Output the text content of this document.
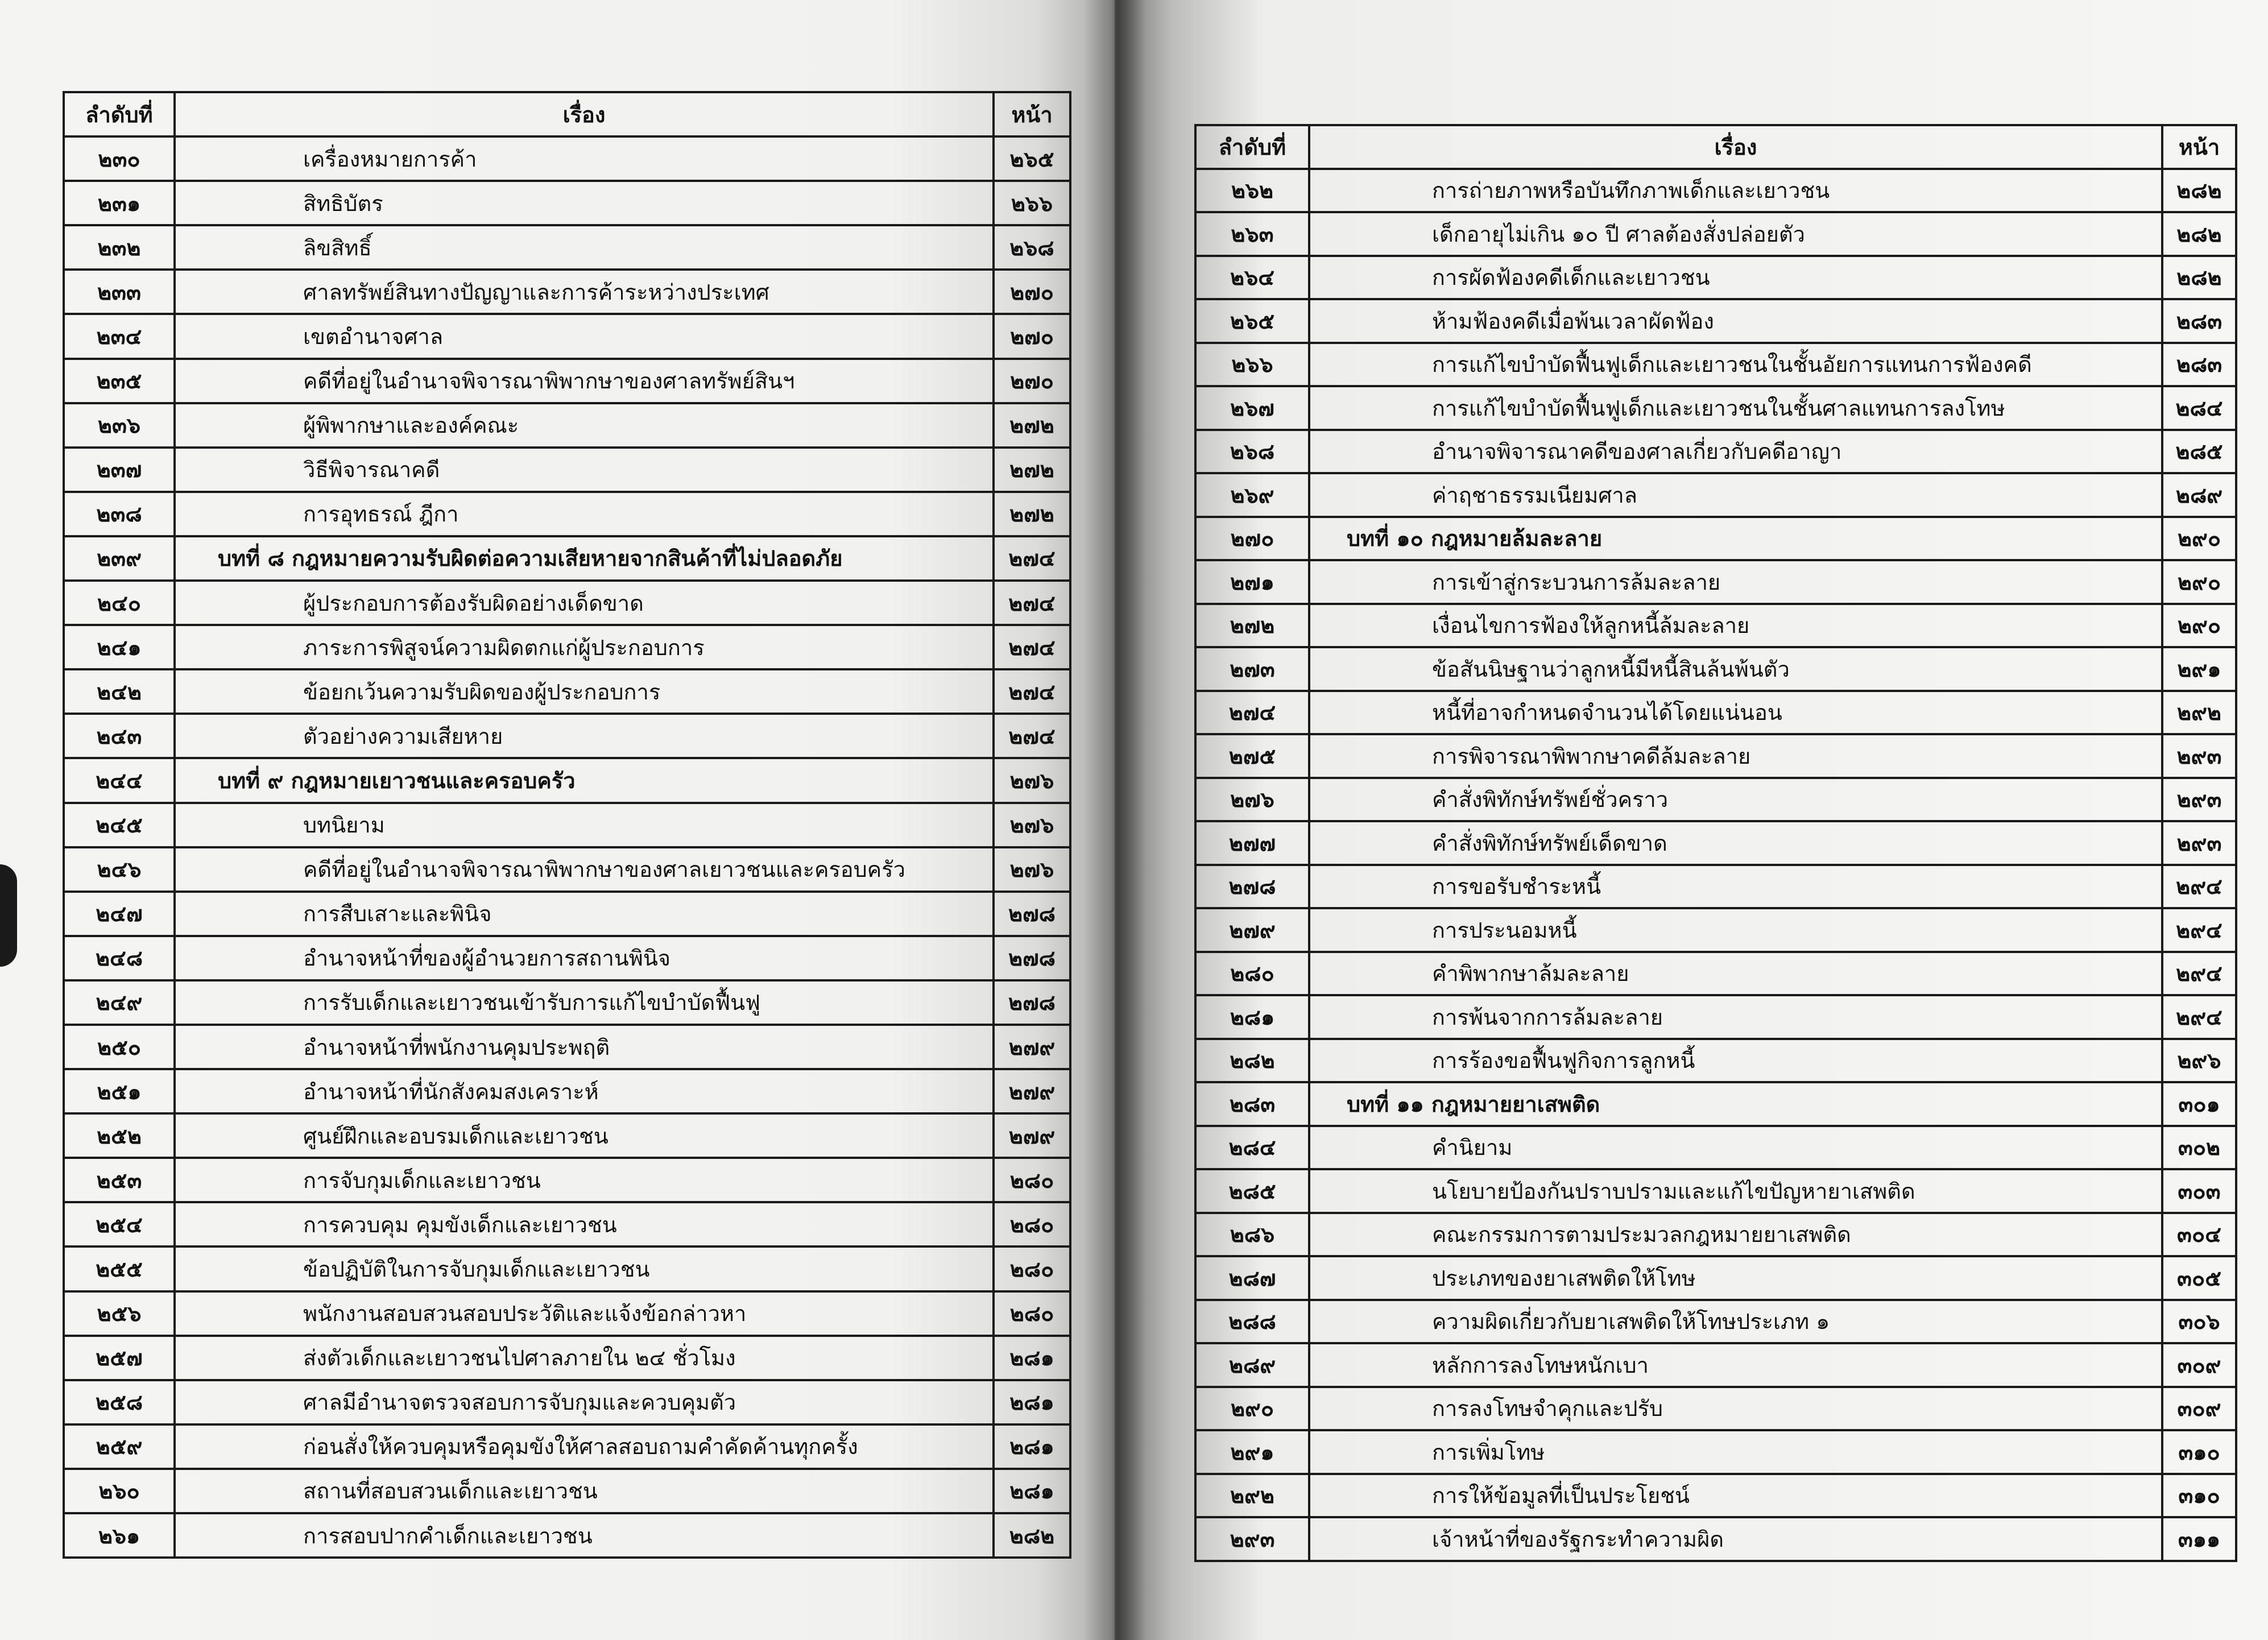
ลำดับที่	เรื่อง	หน้า
๒๓๐	เครื่องหมายการค้า	๒๖๕
๒๓๑	สิทธิบัตร	๒๖๖
๒๓๒	ลิขสิทธิ์	๒๖๘
๒๓๓	ศาลทรัพย์สินทางปัญญาและการค้าระหว่างประเทศ	๒๗๐
๒๓๔	เขตอำนาจศาล	๒๗๐
๒๓๕	คดีที่อยู่ในอำนาจพิจารณาพิพากษาของศาลทรัพย์สินฯ	๒๗๐
๒๓๖	ผู้พิพากษาและองค์คณะ	๒๗๒
๒๓๗	วิธีพิจารณาคดี	๒๗๒
๒๓๘	การอุทธรณ์ ฎีกา	๒๗๒
๒๓๙	บทที่ ๘ กฎหมายความรับผิดต่อความเสียหายจากสินค้าที่ไม่ปลอดภัย	๒๗๔
๒๔๐	ผู้ประกอบการต้องรับผิดอย่างเด็ดขาด	๒๗๔
๒๔๑	ภาระการพิสูจน์ความผิดตกแก่ผู้ประกอบการ	๒๗๔
๒๔๒	ข้อยกเว้นความรับผิดของผู้ประกอบการ	๒๗๔
๒๔๓	ตัวอย่างความเสียหาย	๒๗๔
๒๔๔	บทที่ ๙ กฎหมายเยาวชนและครอบครัว	๒๗๖
๒๔๕	บทนิยาม	๒๗๖
๒๔๖	คดีที่อยู่ในอำนาจพิจารณาพิพากษาของศาลเยาวชนและครอบครัว	๒๗๖
๒๔๗	การสืบเสาะและพินิจ	๒๗๘
๒๔๘	อำนาจหน้าที่ของผู้อำนวยการสถานพินิจ	๒๗๘
๒๔๙	การรับเด็กและเยาวชนเข้ารับการแก้ไขบำบัดฟื้นฟู	๒๗๘
๒๕๐	อำนาจหน้าที่พนักงานคุมประพฤติ	๒๗๙
๒๕๑	อำนาจหน้าที่นักสังคมสงเคราะห์	๒๗๙
๒๕๒	ศูนย์ฝึกและอบรมเด็กและเยาวชน	๒๗๙
๒๕๓	การจับกุมเด็กและเยาวชน	๒๘๐
๒๕๔	การควบคุม คุมขังเด็กและเยาวชน	๒๘๐
๒๕๕	ข้อปฏิบัติในการจับกุมเด็กและเยาวชน	๒๘๐
๒๕๖	พนักงานสอบสวนสอบประวัติและแจ้งข้อกล่าวหา	๒๘๐
๒๕๗	ส่งตัวเด็กและเยาวชนไปศาลภายใน ๒๔ ชั่วโมง	๒๘๑
๒๕๘	ศาลมีอำนาจตรวจสอบการจับกุมและควบคุมตัว	๒๘๑
๒๕๙	ก่อนสั่งให้ควบคุมหรือคุมขังให้ศาลสอบถามคำคัดค้านทุกครั้ง	๒๘๑
๒๖๐	สถานที่สอบสวนเด็กและเยาวชน	๒๘๑
๒๖๑	การสอบปากคำเด็กและเยาวชน	๒๘๒
ลำดับที่	เรื่อง	หน้า
๒๖๒	การถ่ายภาพหรือบันทึกภาพเด็กและเยาวชน	๒๘๒
๒๖๓	เด็กอายุไม่เกิน ๑๐ ปี ศาลต้องสั่งปล่อยตัว	๒๘๒
๒๖๔	การผัดฟ้องคดีเด็กและเยาวชน	๒๘๒
๒๖๕	ห้ามฟ้องคดีเมื่อพ้นเวลาผัดฟ้อง	๒๘๓
๒๖๖	การแก้ไขบำบัดฟื้นฟูเด็กและเยาวชนในชั้นอัยการแทนการฟ้องคดี	๒๘๓
๒๖๗	การแก้ไขบำบัดฟื้นฟูเด็กและเยาวชนในชั้นศาลแทนการลงโทษ	๒๘๔
๒๖๘	อำนาจพิจารณาคดีของศาลเกี่ยวกับคดีอาญา	๒๘๕
๒๖๙	ค่าฤชาธรรมเนียมศาล	๒๘๙
๒๗๐	บทที่ ๑๐ กฎหมายล้มละลาย	๒๙๐
๒๗๑	การเข้าสู่กระบวนการล้มละลาย	๒๙๐
๒๗๒	เงื่อนไขการฟ้องให้ลูกหนี้ล้มละลาย	๒๙๐
๒๗๓	ข้อสันนิษฐานว่าลูกหนี้มีหนี้สินล้นพ้นตัว	๒๙๑
๒๗๔	หนี้ที่อาจกำหนดจำนวนได้โดยแน่นอน	๒๙๒
๒๗๕	การพิจารณาพิพากษาคดีล้มละลาย	๒๙๓
๒๗๖	คำสั่งพิทักษ์ทรัพย์ชั่วคราว	๒๙๓
๒๗๗	คำสั่งพิทักษ์ทรัพย์เด็ดขาด	๒๙๓
๒๗๘	การขอรับชำระหนี้	๒๙๔
๒๗๙	การประนอมหนี้	๒๙๔
๒๘๐	คำพิพากษาล้มละลาย	๒๙๔
๒๘๑	การพ้นจากการล้มละลาย	๒๙๔
๒๘๒	การร้องขอฟื้นฟูกิจการลูกหนี้	๒๙๖
๒๘๓	บทที่ ๑๑ กฎหมายยาเสพติด	๓๐๑
๒๘๔	คำนิยาม	๓๐๒
๒๘๕	นโยบายป้องกันปราบปรามและแก้ไขปัญหายาเสพติด	๓๐๓
๒๘๖	คณะกรรมการตามประมวลกฎหมายยาเสพติด	๓๐๔
๒๘๗	ประเภทของยาเสพติดให้โทษ	๓๐๕
๒๘๘	ความผิดเกี่ยวกับยาเสพติดให้โทษประเภท ๑	๓๐๖
๒๘๙	หลักการลงโทษหนักเบา	๓๐๙
๒๙๐	การลงโทษจำคุกและปรับ	๓๐๙
๒๙๑	การเพิ่มโทษ	๓๑๐
๒๙๒	การให้ข้อมูลที่เป็นประโยชน์	๓๑๐
๒๙๓	เจ้าหน้าที่ของรัฐกระทำความผิด	๓๑๑
